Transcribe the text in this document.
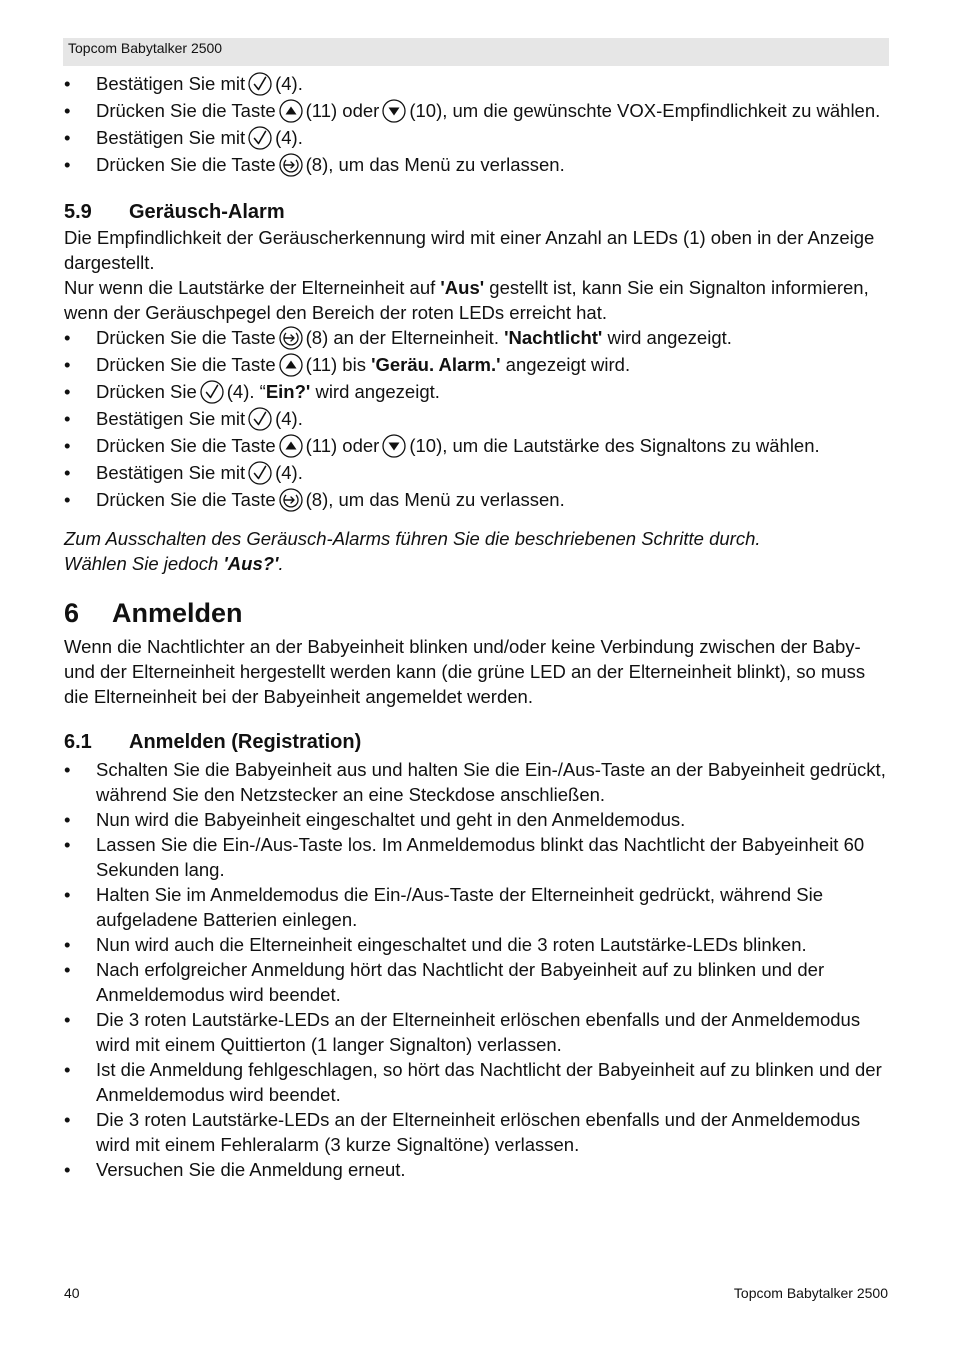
Topcom Babytalker 2500
• Bestätigen Sie mit (4).
• Drücken Sie die Taste (11) oder (10), um die gewünschte VOX-Empfindlichkeit zu wählen.
• Bestätigen Sie mit (4).
• Drücken Sie die Taste (8), um das Menü zu verlassen.
5.9 Geräusch-Alarm

Die Empfindlichkeit der Geräuscherkennung wird mit einer Anzahl an LEDs (1) oben in der Anzeige dargestellt.

Nur wenn die Lautstärke der Elterneinheit auf 'Aus' gestellt ist, kann Sie ein Signalton informieren, wenn der Geräuschpegel den Bereich der roten LEDs erreicht hat.

• Drücken Sie die Taste (8) an der Elterneinheit. 'Nachtlicht' wird angezeigt.
• Drücken Sie die Taste (11) bis 'Geräu. Alarm.' angezeigt wird.
• Drücken Sie (4). “Ein?' wird angezeigt.
• Bestätigen Sie mit (4).
• Drücken Sie die Taste (11) oder (10), um die Lautstärke des Signaltons zu wählen.
• Bestätigen Sie mit (4).
• Drücken Sie die Taste (8), um das Menü zu verlassen.

Zum Ausschalten des Geräusch-Alarms führen Sie die beschriebenen Schritte durch.
Wählen Sie jedoch 'Aus?'.

6 Anmelden

Wenn die Nachtlichter an der Babyeinheit blinken und/oder keine Verbindung zwischen der Baby- und der Elterneinheit hergestellt werden kann (die grüne LED an der Elterneinheit blinkt), so muss die Elterneinheit bei der Babyeinheit angemeldet werden.

6.1 Anmelden (Registration)
• Schalten Sie die Babyeinheit aus und halten Sie die Ein-/Aus-Taste an der Babyeinheit gedrückt, während Sie den Netzstecker an eine Steckdose anschließen.
• Nun wird die Babyeinheit eingeschaltet und geht in den Anmeldemodus.
• Lassen Sie die Ein-/Aus-Taste los. Im Anmeldemodus blinkt das Nachtlicht der Babyeinheit 60 Sekunden lang.
• Halten Sie im Anmeldemodus die Ein-/Aus-Taste der Elterneinheit gedrückt, während Sie aufgeladene Batterien einlegen.
• Nun wird auch die Elterneinheit eingeschaltet und die 3 roten Lautstärke-LEDs blinken.
• Nach erfolgreicher Anmeldung hört das Nachtlicht der Babyeinheit auf zu blinken und der Anmeldemodus wird beendet.
• Die 3 roten Lautstärke-LEDs an der Elterneinheit erlöschen ebenfalls und der Anmeldemodus wird mit einem Quittierton (1 langer Signalton) verlassen.
• Ist die Anmeldung fehlgeschlagen, so hört das Nachtlicht der Babyeinheit auf zu blinken und der Anmeldemodus wird beendet.
• Die 3 roten Lautstärke-LEDs an der Elterneinheit erlöschen ebenfalls und der Anmeldemodus wird mit einem Fehleralarm (3 kurze Signaltöne) verlassen.
• Versuchen Sie die Anmeldung erneut.
40	Topcom Babytalker 2500
